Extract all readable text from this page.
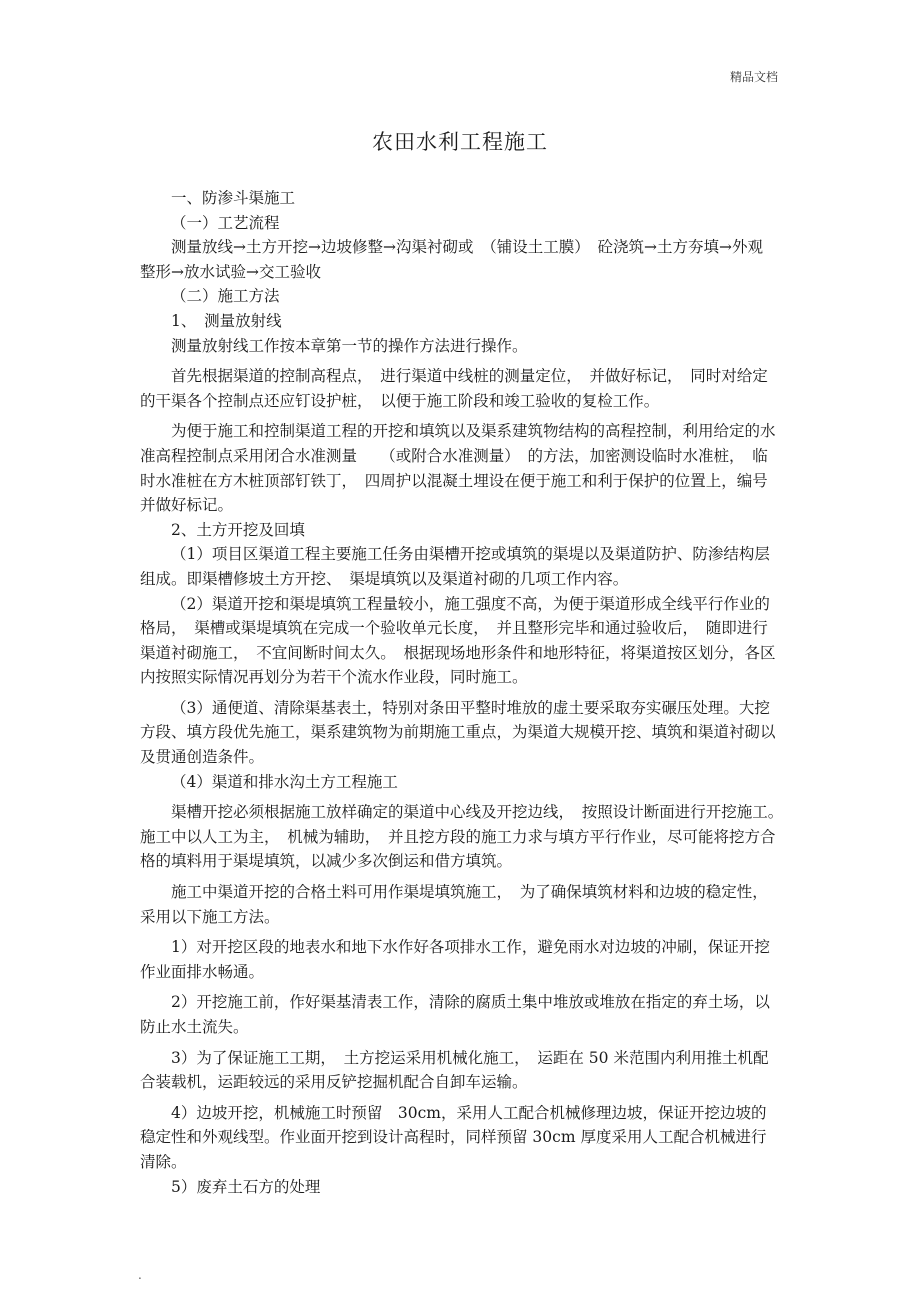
精品文档
农田水利工程施工

一、防渗斗渠施工

（一）工艺流程

测量放线→土方开挖→边坡修整→沟渠衬砌或　（铺设土工膜）　砼浇筑→土方夯填→外观整形→放水试验→交工验收

（二）施工方法

1、　测量放射线

测量放射线工作按本章第一节的操作方法进行操作。

首先根据渠道的控制高程点，　进行渠道中线桩的测量定位，　并做好标记，　同时对给定的干渠各个控制点还应钉设护桩，　以便于施工阶段和竣工验收的复检工作。

为便于施工和控制渠道工程的开挖和填筑以及渠系建筑物结构的高程控制，利用给定的水准高程控制点采用闭合水准测量　　（或附合水准测量）　的方法，加密测设临时水准桩，　临时水准桩在方木桩顶部钉铁丁，　四周护以混凝土埋设在便于施工和利于保护的位置上，编号并做好标记。

2、土方开挖及回填

（1）项目区渠道工程主要施工任务由渠槽开挖或填筑的渠堤以及渠道防护、防渗结构层组成。即渠槽修坡土方开挖、　渠堤填筑以及渠道衬砌的几项工作内容。

（2）渠道开挖和渠堤填筑工程量较小，施工强度不高，为便于渠道形成全线平行作业的格局，　渠槽或渠堤填筑在完成一个验收单元长度，　并且整形完毕和通过验收后，　随即进行渠道衬砌施工，　不宜间断时间太久。　根据现场地形条件和地形特征，将渠道按区划分，各区内按照实际情况再划分为若干个流水作业段，同时施工。

（3）通便道、清除渠基表土，特别对条田平整时堆放的虚土要采取夯实碾压处理。大挖方段、填方段优先施工，渠系建筑物为前期施工重点，为渠道大规模开挖、填筑和渠道衬砌以及贯通创造条件。

（4）渠道和排水沟土方工程施工

渠槽开挖必须根据施工放样确定的渠道中心线及开挖边线，　按照设计断面进行开挖施工。　施工中以人工为主，　机械为辅助，　并且挖方段的施工力求与填方平行作业，尽可能将挖方合格的填料用于渠堤填筑，以减少多次倒运和借方填筑。

施工中渠道开挖的合格土料可用作渠堤填筑施工，　为了确保填筑材料和边坡的稳定性，采用以下施工方法。

1）对开挖区段的地表水和地下水作好各项排水工作，避免雨水对边坡的冲刷，保证开挖作业面排水畅通。

2）开挖施工前，作好渠基清表工作，清除的腐质土集中堆放或堆放在指定的弃土场，以防止水土流失。

3）为了保证施工工期，　土方挖运采用机械化施工，　运距在 50 米范围内利用推土机配合装载机，运距较远的采用反铲挖掘机配合自卸车运输。

4）边坡开挖，机械施工时预留　30cm，采用人工配合机械修理边坡，保证开挖边坡的稳定性和外观线型。作业面开挖到设计高程时，同样预留 30cm 厚度采用人工配合机械进行清除。

5）废弃土石方的处理

.
